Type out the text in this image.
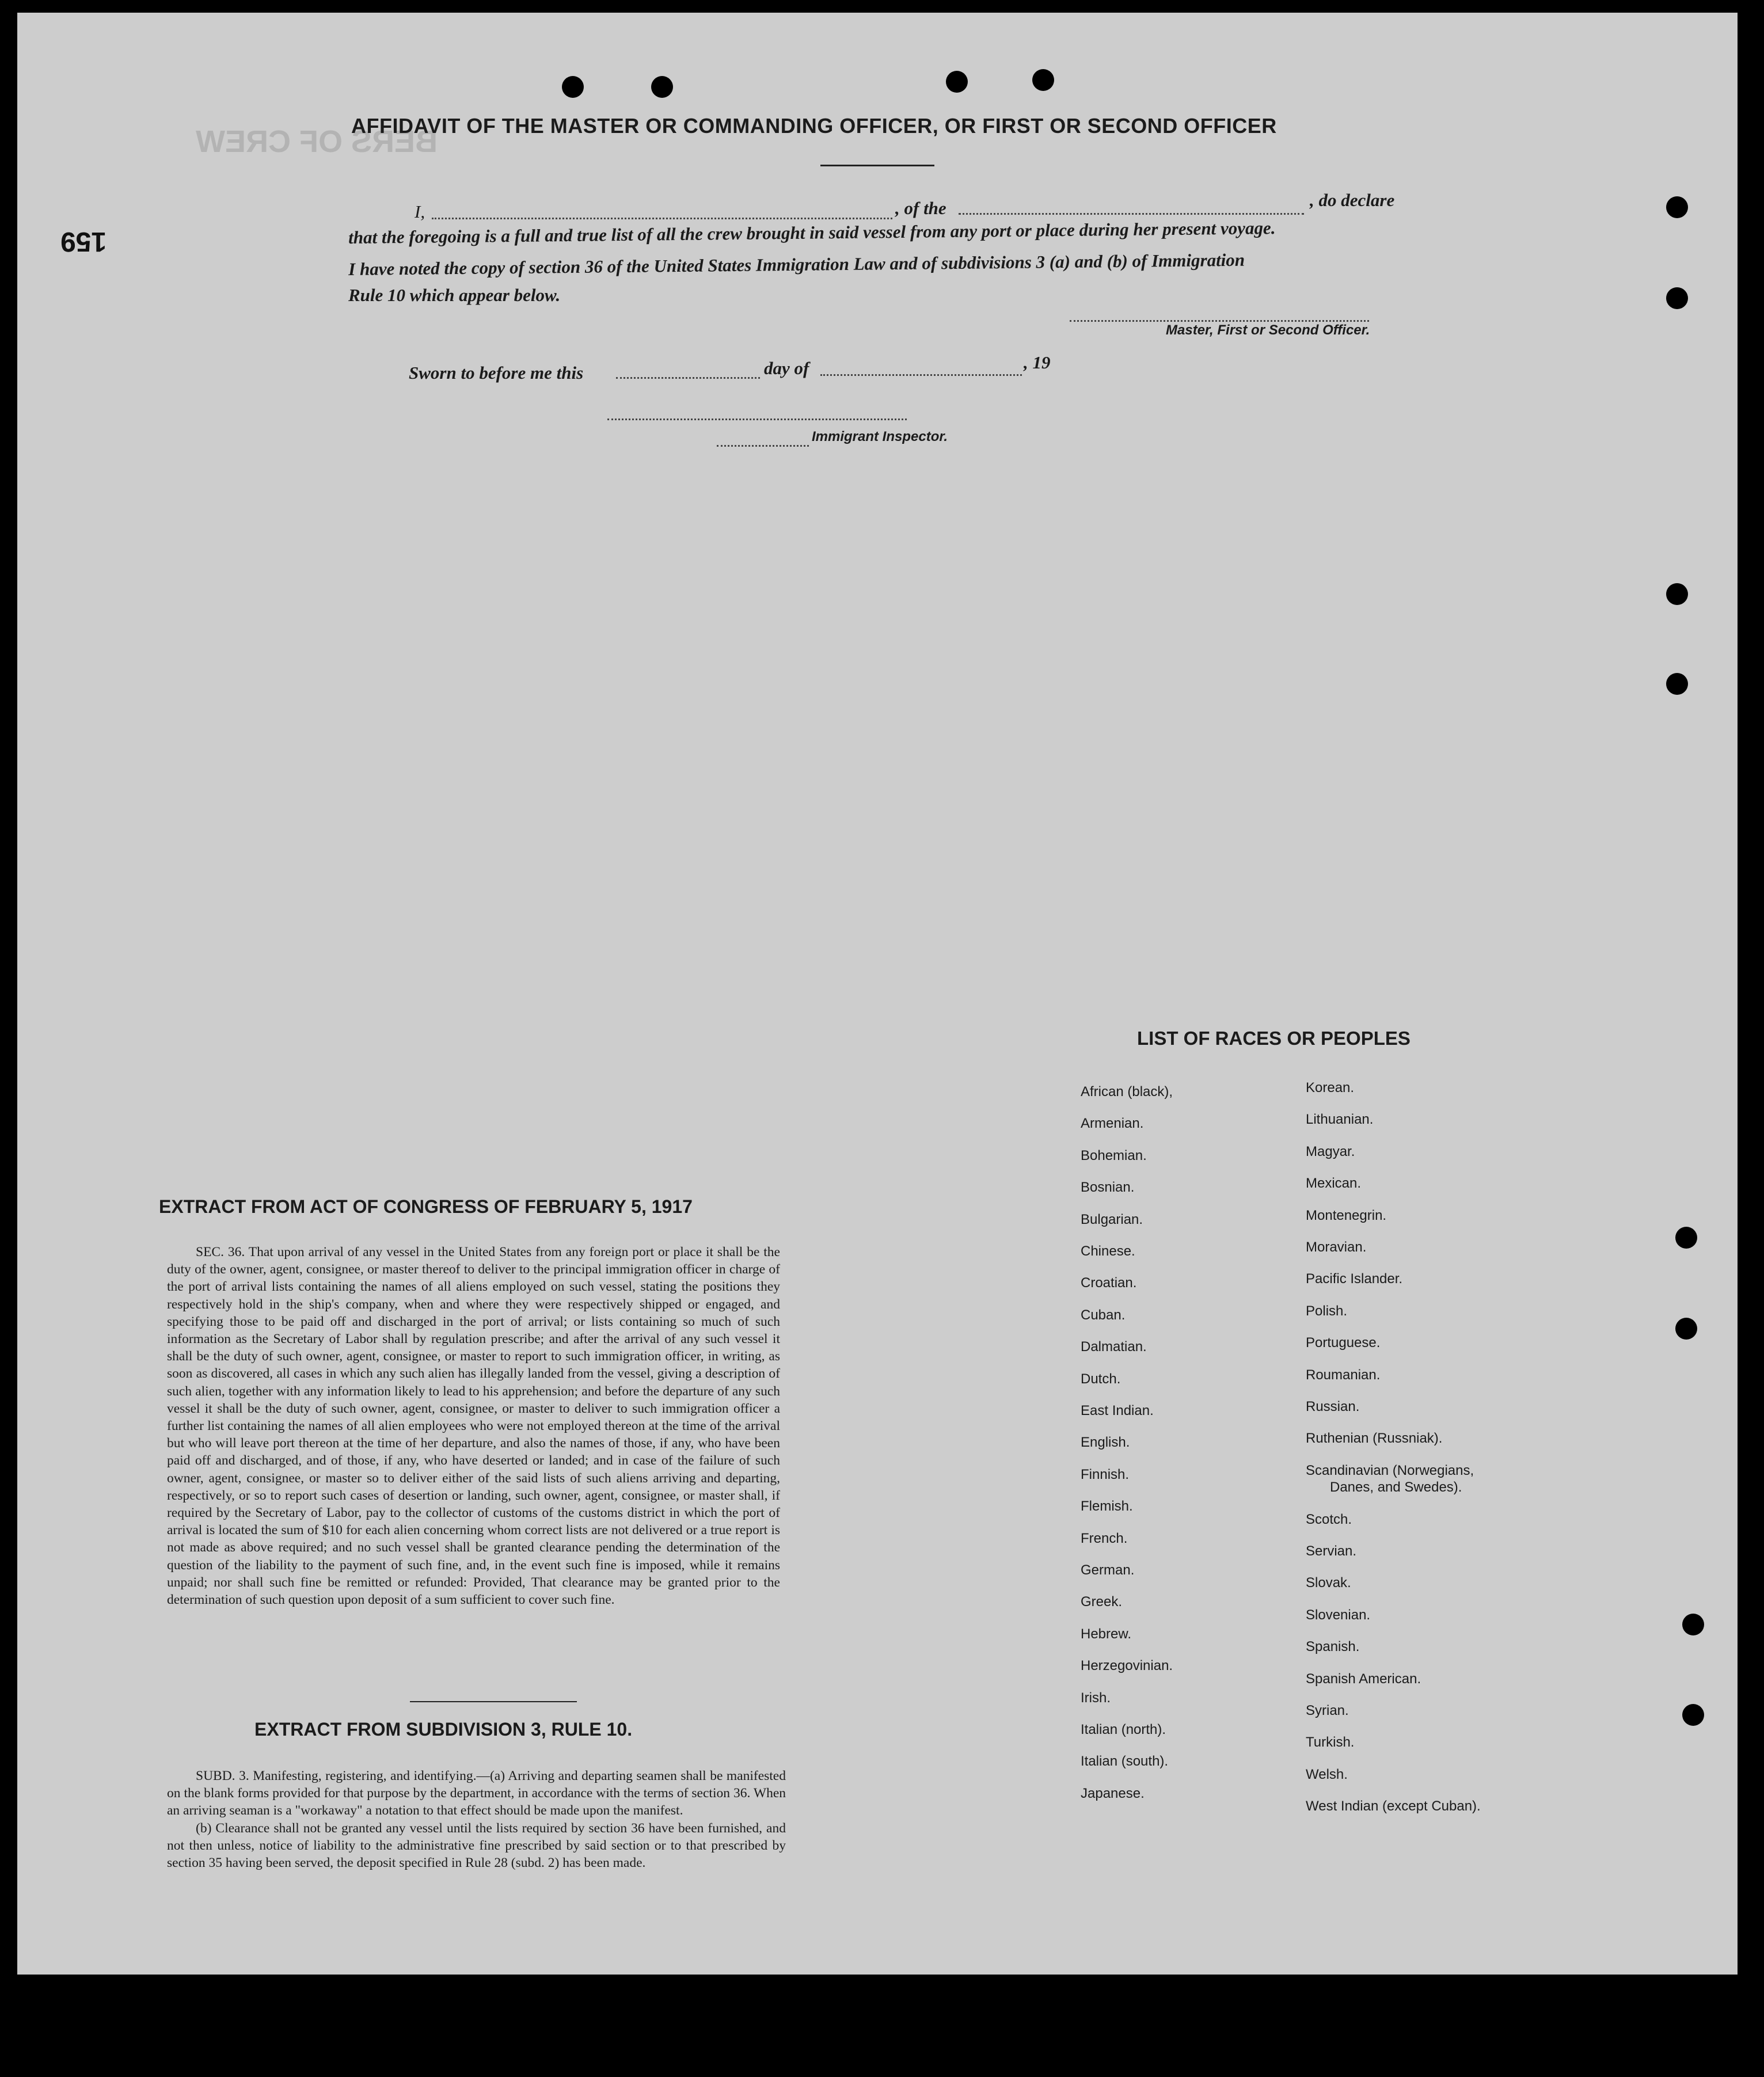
BERS OF CREW
159
AFFIDAVIT OF THE MASTER OR COMMANDING OFFICER, OR FIRST OR SECOND OFFICER
I,	, of the	, do declare
that the foregoing is a full and true list of all the crew brought in said vessel from any port or place during her present voyage.
I have noted the copy of section 36 of the United States Immigration Law and of subdivisions 3 (a) and (b) of Immigration
Rule 10 which appear below.
Master, First or Second Officer.
Sworn to before me this	day of	, 19
Immigrant Inspector.
EXTRACT FROM ACT OF CONGRESS OF FEBRUARY 5, 1917

SEC. 36. That upon arrival of any vessel in the United States from any foreign port or place it shall be the duty of the owner, agent, consignee, or master thereof to deliver to the principal immigration officer in charge of the port of arrival lists containing the names of all aliens employed on such vessel, stating the positions they respectively hold in the ship's company, when and where they were respectively shipped or engaged, and specifying those to be paid off and discharged in the port of arrival; or lists containing so much of such information as the Secretary of Labor shall by regulation prescribe; and after the arrival of any such vessel it shall be the duty of such owner, agent, consignee, or master to report to such immigration officer, in writing, as soon as discovered, all cases in which any such alien has illegally landed from the vessel, giving a description of such alien, together with any information likely to lead to his apprehension; and before the departure of any such vessel it shall be the duty of such owner, agent, consignee, or master to deliver to such immigration officer a further list containing the names of all alien employees who were not employed thereon at the time of the arrival but who will leave port thereon at the time of her departure, and also the names of those, if any, who have been paid off and discharged, and of those, if any, who have deserted or landed; and in case of the failure of such owner, agent, consignee, or master so to deliver either of the said lists of such aliens arriving and departing, respectively, or so to report such cases of desertion or landing, such owner, agent, consignee, or master shall, if required by the Secretary of Labor, pay to the collector of customs of the customs district in which the port of arrival is located the sum of $10 for each alien concerning whom correct lists are not delivered or a true report is not made as above required; and no such vessel shall be granted clearance pending the determination of the question of the liability to the payment of such fine, and, in the event such fine is imposed, while it remains unpaid; nor shall such fine be remitted or refunded: Provided, That clearance may be granted prior to the determination of such question upon deposit of a sum sufficient to cover such fine.

EXTRACT FROM SUBDIVISION 3, RULE 10.

SUBD. 3. Manifesting, registering, and identifying.—(a) Arriving and departing seamen shall be manifested on the blank forms provided for that purpose by the department, in accordance with the terms of section 36. When an arriving seaman is a "workaway" a notation to that effect should be made upon the manifest.

(b) Clearance shall not be granted any vessel until the lists required by section 36 have been furnished, and not then unless, notice of liability to the administrative fine prescribed by said section or to that prescribed by section 35 having been served, the deposit specified in Rule 28 (subd. 2) has been made.

LIST OF RACES OR PEOPLES
African (black),
Armenian.
Bohemian.
Bosnian.
Bulgarian.
Chinese.
Croatian.
Cuban.
Dalmatian.
Dutch.
East Indian.
English.
Finnish.
Flemish.
French.
German.
Greek.
Hebrew.
Herzegovinian.
Irish.
Italian (north).
Italian (south).
Japanese.
Korean.
Lithuanian.
Magyar.
Mexican.
Montenegrin.
Moravian.
Pacific Islander.
Polish.
Portuguese.
Roumanian.
Russian.
Ruthenian (Russniak).
Scandinavian (Norwegians,
Danes, and Swedes).
Scotch.
Servian.
Slovak.
Slovenian.
Spanish.
Spanish American.
Syrian.
Turkish.
Welsh.
West Indian (except Cuban).
